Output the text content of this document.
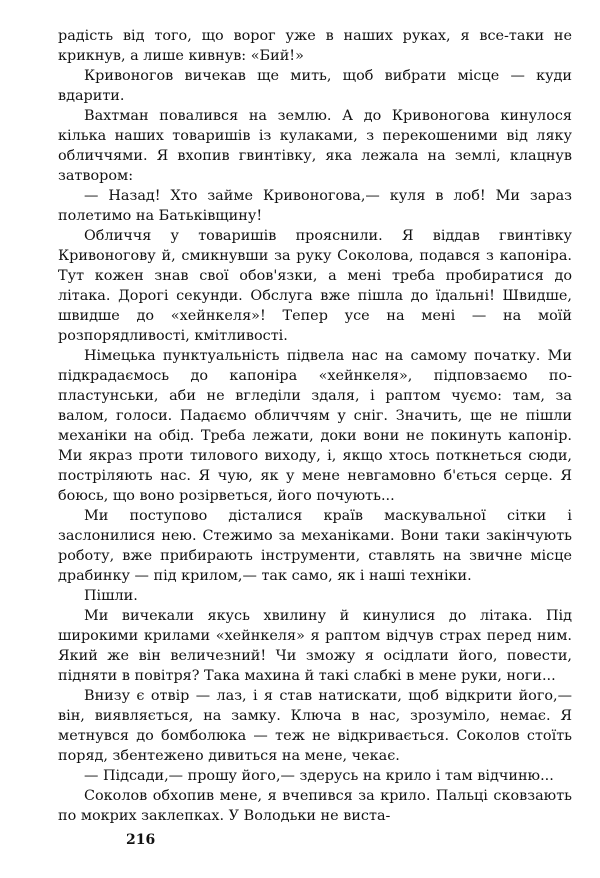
радість від того, що ворог уже в наших руках, я все-таки не крикнув, а лише кивнув: «Бий!»

Кривоногов вичекав ще мить, щоб вибрати місце — куди вдарити.

Вахтман повалився на землю. А до Кривоногова кинулося кілька наших товаришів із кулаками, з перекошеними від ляку обличчями. Я вхопив гвинтівку, яка лежала на землі, клацнув затвором:

— Назад! Хто займе Кривоногова,— куля в лоб! Ми зараз полетимо на Батьківщину!

Обличчя у товаришів прояснили. Я віддав гвинтівку Кривоногову й, смикнувши за руку Соколова, подався з капоніра. Тут кожен знав свої обов'язки, а мені треба пробиратися до літака. Дорогі секунди. Обслуга вже пішла до їдальні! Швидше, швидше до «хейнкеля»! Тепер усе на мені — на моїй розпорядливості, кмітливості.

Німецька пунктуальність підвела нас на самому початку. Ми підкрадаємось до капоніра «хейнкеля», підповзаємо по-пластунськи, аби не вгледіли здаля, і раптом чуємо: там, за валом, голоси. Падаємо обличчям у сніг. Значить, ще не пішли механіки на обід. Треба лежати, доки вони не покинуть капонір. Ми якраз проти тилового виходу, і, якщо хтось поткнеться сюди, постріляють нас. Я чую, як у мене невгамовно б'ється серце. Я боюсь, що воно розірветься, його почують...

Ми поступово дісталися країв маскувальної сітки і заслонилися нею. Стежимо за механіками. Вони таки закінчують роботу, вже прибирають інструменти, ставлять на звичне місце драбинку — під крилом,— так само, як і наші техніки.

Пішли.

Ми вичекали якусь хвилину й кинулися до літака. Під широкими крилами «хейнкеля» я раптом відчув страх перед ним. Який же він величезний! Чи зможу я осідлати його, повести, підняти в повітря? Така махина й такі слабкі в мене руки, ноги...

Внизу є отвір — лаз, і я став натискати, щоб відкрити його,— він, виявляється, на замку. Ключа в нас, зрозуміло, немає. Я метнувся до бомболюка — теж не відкривається. Соколов стоїть поряд, збентежено дивиться на мене, чекає.

— Підсади,— прошу його,— здерусь на крило і там відчиню...

Соколов обхопив мене, я вчепився за крило. Пальці сковзають по мокрих заклепках. У Володьки не виста-

216
